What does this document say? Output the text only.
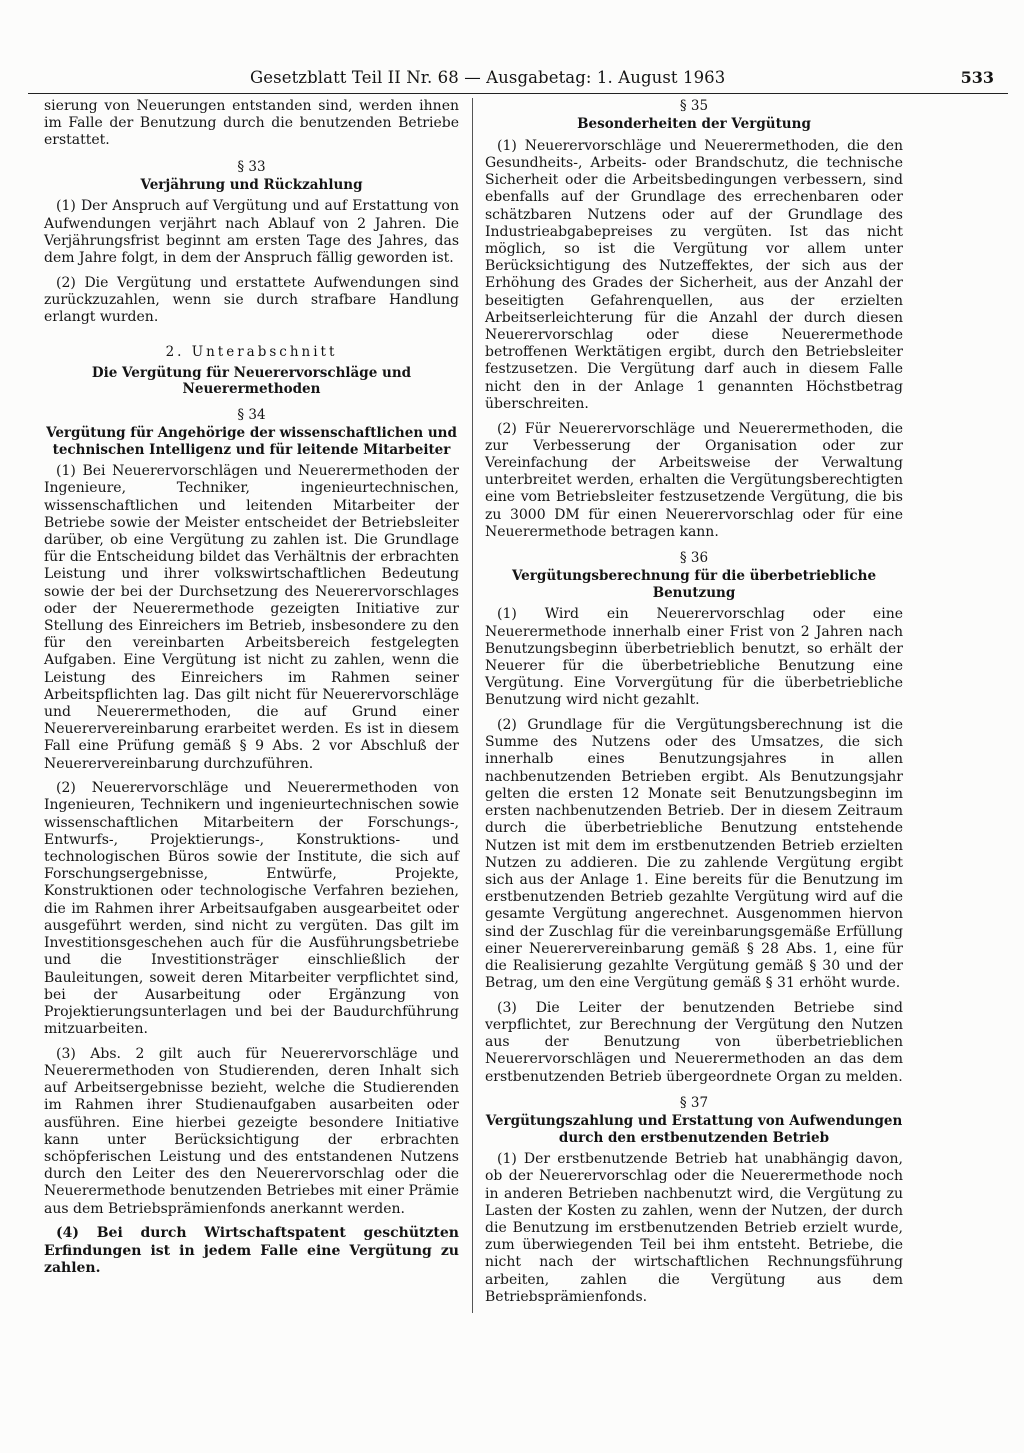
Gesetzblatt Teil II Nr. 68 — Ausgabetag: 1. August 1963	533

sierung von Neuerungen entstanden sind, werden ihnen im Falle der Benutzung durch die benutzenden Betriebe erstattet.

§ 33
Verjährung und Rückzahlung

(1) Der Anspruch auf Vergütung und auf Erstattung von Aufwendungen verjährt nach Ablauf von 2 Jahren. Die Verjährungsfrist beginnt am ersten Tage des Jahres, das dem Jahre folgt, in dem der Anspruch fällig geworden ist.

(2) Die Vergütung und erstattete Aufwendungen sind zurückzuzahlen, wenn sie durch strafbare Handlung erlangt wurden.

2. Unterabschnitt
Die Vergütung für Neuerervorschläge und Neuerermethoden
§ 34
Vergütung für Angehörige der wissenschaftlichen und technischen Intelligenz und für leitende Mitarbeiter

(1) Bei Neuerervorschlägen und Neuerermethoden der Ingenieure, Techniker, ingenieurtechnischen, wissenschaftlichen und leitenden Mitarbeiter der Betriebe sowie der Meister entscheidet der Betriebsleiter darüber, ob eine Vergütung zu zahlen ist. Die Grundlage für die Entscheidung bildet das Verhältnis der erbrachten Leistung und ihrer volkswirtschaftlichen Bedeutung sowie der bei der Durchsetzung des Neuerervorschlages oder der Neuerermethode gezeigten Initiative zur Stellung des Einreichers im Betrieb, insbesondere zu den für den vereinbarten Arbeitsbereich festgelegten Aufgaben. Eine Vergütung ist nicht zu zahlen, wenn die Leistung des Einreichers im Rahmen seiner Arbeitspflichten lag. Das gilt nicht für Neuerervorschläge und Neuerermethoden, die auf Grund einer Neuerervereinbarung erarbeitet werden. Es ist in diesem Fall eine Prüfung gemäß § 9 Abs. 2 vor Abschluß der Neuerervereinbarung durchzuführen.

(2) Neuerervorschläge und Neuerermethoden von Ingenieuren, Technikern und ingenieurtechnischen sowie wissenschaftlichen Mitarbeitern der Forschungs-, Entwurfs-, Projektierungs-, Konstruktions- und technologischen Büros sowie der Institute, die sich auf Forschungsergebnisse, Entwürfe, Projekte, Konstruktionen oder technologische Verfahren beziehen, die im Rahmen ihrer Arbeitsaufgaben ausgearbeitet oder ausgeführt werden, sind nicht zu vergüten. Das gilt im Investitionsgeschehen auch für die Ausführungsbetriebe und die Investitionsträger einschließlich der Bauleitungen, soweit deren Mitarbeiter verpflichtet sind, bei der Ausarbeitung oder Ergänzung von Projektierungsunterlagen und bei der Baudurchführung mitzuarbeiten.

(3) Abs. 2 gilt auch für Neuerervorschläge und Neuerermethoden von Studierenden, deren Inhalt sich auf Arbeitsergebnisse bezieht, welche die Studierenden im Rahmen ihrer Studienaufgaben ausarbeiten oder ausführen. Eine hierbei gezeigte besondere Initiative kann unter Berücksichtigung der erbrachten schöpferischen Leistung und des entstandenen Nutzens durch den Leiter des den Neuerervorschlag oder die Neuerermethode benutzenden Betriebes mit einer Prämie aus dem Betriebsprämienfonds anerkannt werden.

(4) Bei durch Wirtschaftspatent geschützten Erfindungen ist in jedem Falle eine Vergütung zu zahlen.

§ 35
Besonderheiten der Vergütung

(1) Neuerervorschläge und Neuerermethoden, die den Gesundheits-, Arbeits- oder Brandschutz, die technische Sicherheit oder die Arbeitsbedingungen verbessern, sind ebenfalls auf der Grundlage des errechenbaren oder schätzbaren Nutzens oder auf der Grundlage des Industrieabgabepreises zu vergüten. Ist das nicht möglich, so ist die Vergütung vor allem unter Berücksichtigung des Nutzeffektes, der sich aus der Erhöhung des Grades der Sicherheit, aus der Anzahl der beseitigten Gefahrenquellen, aus der erzielten Arbeitserleichterung für die Anzahl der durch diesen Neuerervorschlag oder diese Neuerermethode betroffenen Werktätigen ergibt, durch den Betriebsleiter festzusetzen. Die Vergütung darf auch in diesem Falle nicht den in der Anlage 1 genannten Höchstbetrag überschreiten.

(2) Für Neuerervorschläge und Neuerermethoden, die zur Verbesserung der Organisation oder zur Vereinfachung der Arbeitsweise der Verwaltung unterbreitet werden, erhalten die Vergütungsberechtigten eine vom Betriebsleiter festzusetzende Vergütung, die bis zu 3000 DM für einen Neuerervorschlag oder für eine Neuerermethode betragen kann.

§ 36
Vergütungsberechnung für die überbetriebliche Benutzung

(1) Wird ein Neuerervorschlag oder eine Neuerermethode innerhalb einer Frist von 2 Jahren nach Benutzungsbeginn überbetrieblich benutzt, so erhält der Neuerer für die überbetriebliche Benutzung eine Vergütung. Eine Vorvergütung für die überbetriebliche Benutzung wird nicht gezahlt.

(2) Grundlage für die Vergütungsberechnung ist die Summe des Nutzens oder des Umsatzes, die sich innerhalb eines Benutzungsjahres in allen nachbenutzenden Betrieben ergibt. Als Benutzungsjahr gelten die ersten 12 Monate seit Benutzungsbeginn im ersten nachbenutzenden Betrieb. Der in diesem Zeitraum durch die überbetriebliche Benutzung entstehende Nutzen ist mit dem im erstbenutzenden Betrieb erzielten Nutzen zu addieren. Die zu zahlende Vergütung ergibt sich aus der Anlage 1. Eine bereits für die Benutzung im erstbenutzenden Betrieb gezahlte Vergütung wird auf die gesamte Vergütung angerechnet. Ausgenommen hiervon sind der Zuschlag für die vereinbarungsgemäße Erfüllung einer Neuerervereinbarung gemäß § 28 Abs. 1, eine für die Realisierung gezahlte Vergütung gemäß § 30 und der Betrag, um den eine Vergütung gemäß § 31 erhöht wurde.

(3) Die Leiter der benutzenden Betriebe sind verpflichtet, zur Berechnung der Vergütung den Nutzen aus der Benutzung von überbetrieblichen Neuerervorschlägen und Neuerermethoden an das dem erstbenutzenden Betrieb übergeordnete Organ zu melden.

§ 37
Vergütungszahlung und Erstattung von Aufwendungen durch den erstbenutzenden Betrieb

(1) Der erstbenutzende Betrieb hat unabhängig davon, ob der Neuerervorschlag oder die Neuerermethode noch in anderen Betrieben nachbenutzt wird, die Vergütung zu Lasten der Kosten zu zahlen, wenn der Nutzen, der durch die Benutzung im erstbenutzenden Betrieb erzielt wurde, zum überwiegenden Teil bei ihm entsteht. Betriebe, die nicht nach der wirtschaftlichen Rechnungsführung arbeiten, zahlen die Vergütung aus dem Betriebsprämienfonds.
